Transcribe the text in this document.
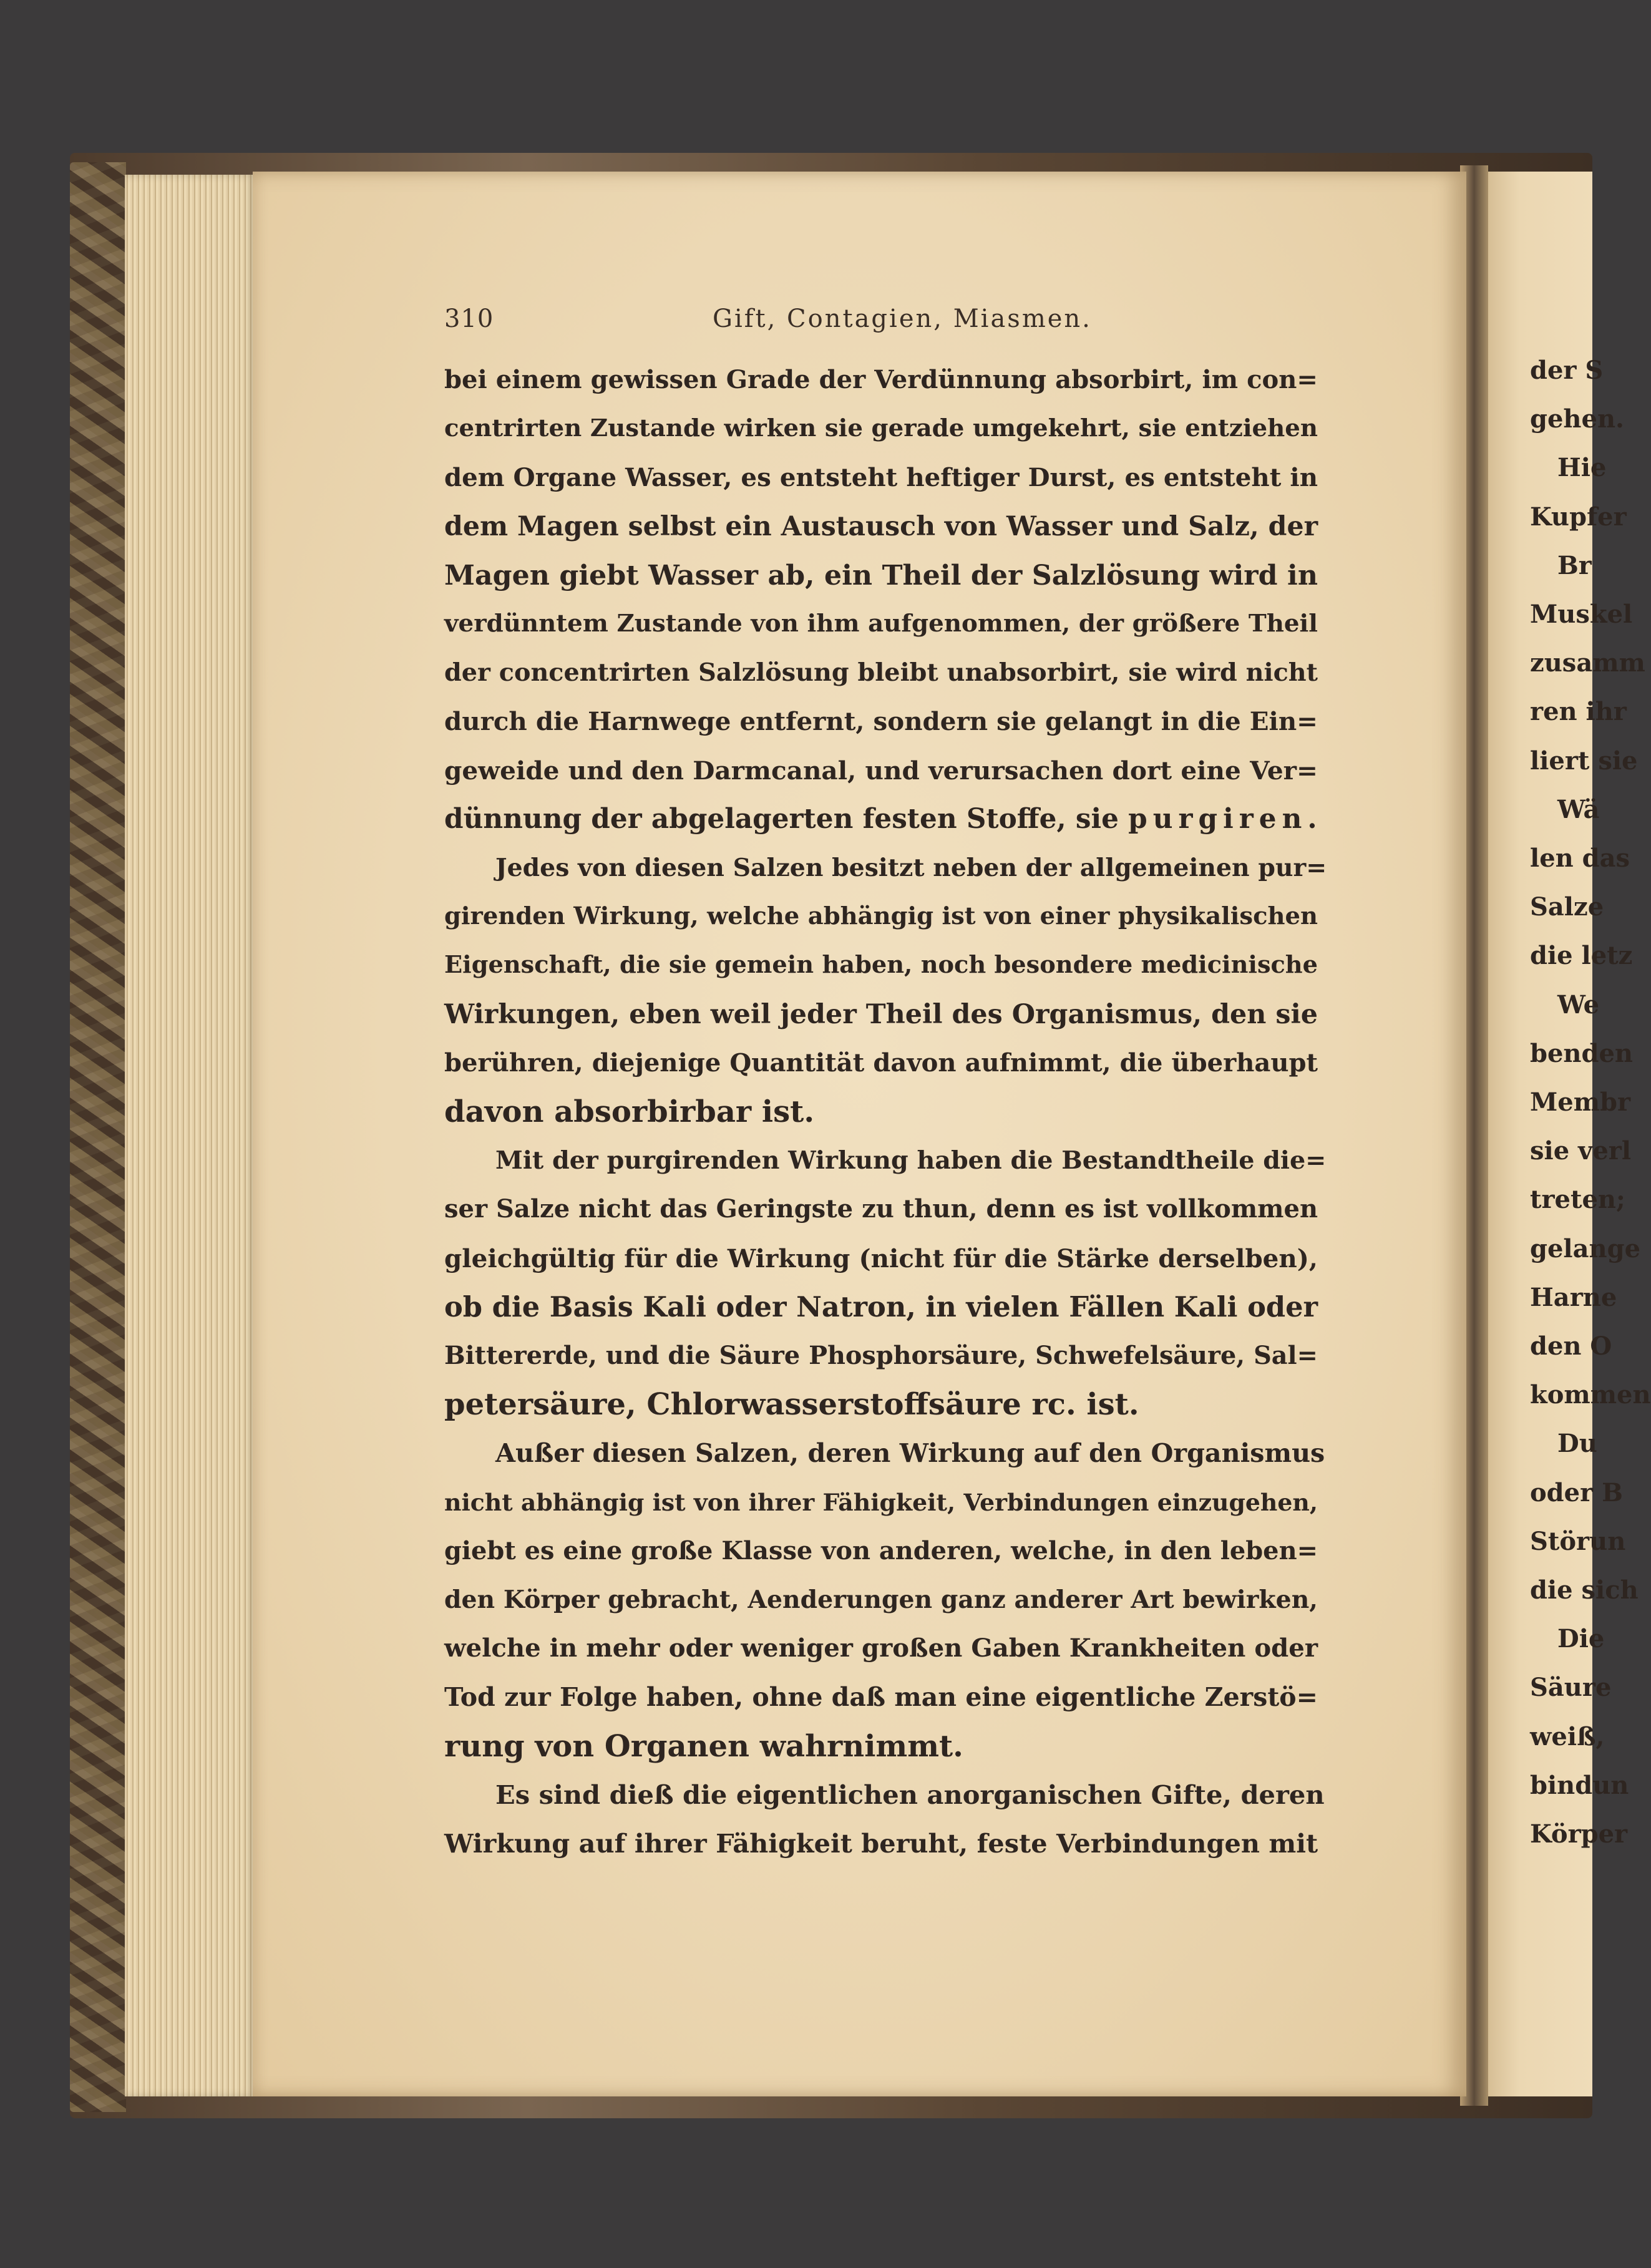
der S
gehen.
Hie
Kupfer
Br
Muskel
zusamm
ren ihr
liert sie
Wä
len das
Salze
die letz
We
benden
Membr
sie verl
treten;
gelange
Harne
den O
kommen
Du
oder B
Störun
die sich
Die
Säure
weiß,
bindun
Körper
310	Gift, Contagien, Miasmen.
bei einem gewissen Grade der Verdünnung absorbirt, im con=
centrirten Zustande wirken sie gerade umgekehrt, sie entziehen
dem Organe Wasser, es entsteht heftiger Durst, es entsteht in
dem Magen selbst ein Austausch von Wasser und Salz, der
Magen giebt Wasser ab, ein Theil der Salzlösung wird in
verdünntem Zustande von ihm aufgenommen, der größere Theil
der concentrirten Salzlösung bleibt unabsorbirt, sie wird nicht
durch die Harnwege entfernt, sondern sie gelangt in die Ein=
geweide und den Darmcanal, und verursachen dort eine Ver=
dünnung der abgelagerten festen Stoffe, sie purgiren.
Jedes von diesen Salzen besitzt neben der allgemeinen pur=
girenden Wirkung, welche abhängig ist von einer physikalischen
Eigenschaft, die sie gemein haben, noch besondere medicinische
Wirkungen, eben weil jeder Theil des Organismus, den sie
berühren, diejenige Quantität davon aufnimmt, die überhaupt
davon absorbirbar ist.
Mit der purgirenden Wirkung haben die Bestandtheile die=
ser Salze nicht das Geringste zu thun, denn es ist vollkommen
gleichgültig für die Wirkung (nicht für die Stärke derselben),
ob die Basis Kali oder Natron, in vielen Fällen Kali oder
Bittererde, und die Säure Phosphorsäure, Schwefelsäure, Sal=
petersäure, Chlorwasserstoffsäure rc. ist.
Außer diesen Salzen, deren Wirkung auf den Organismus
nicht abhängig ist von ihrer Fähigkeit, Verbindungen einzugehen,
giebt es eine große Klasse von anderen, welche, in den leben=
den Körper gebracht, Aenderungen ganz anderer Art bewirken,
welche in mehr oder weniger großen Gaben Krankheiten oder
Tod zur Folge haben, ohne daß man eine eigentliche Zerstö=
rung von Organen wahrnimmt.
Es sind dieß die eigentlichen anorganischen Gifte, deren
Wirkung auf ihrer Fähigkeit beruht, feste Verbindungen mit
